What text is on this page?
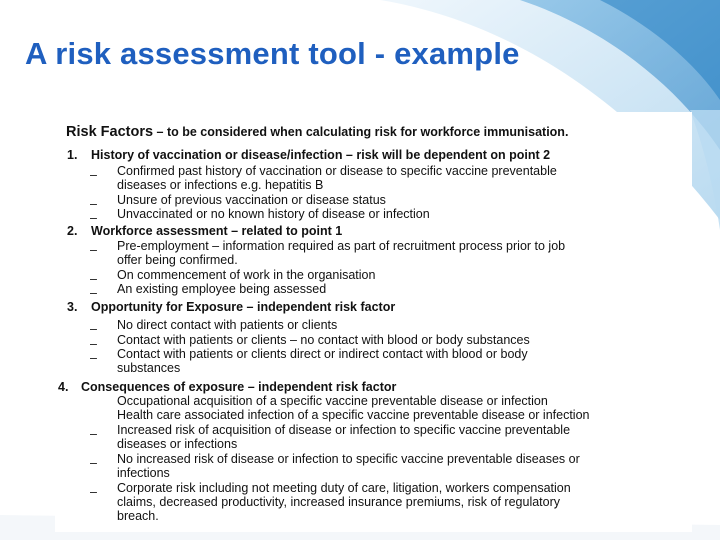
A risk assessment tool - example
Risk Factors – to be considered when calculating risk for workforce immunisation.
1. History of vaccination or disease/infection – risk will be dependent on point 2
– Confirmed past history of vaccination or disease to specific vaccine preventable
diseases or infections e.g. hepatitis B
– Unsure of previous vaccination or disease status
– Unvaccinated or no known history of disease or infection
2. Workforce assessment – related to point 1
– Pre-employment – information required as part of recruitment process prior to job
offer being confirmed.
– On commencement of work in the organisation
– An existing employee being assessed
3. Opportunity for Exposure – independent risk factor
– No direct contact with patients or clients
– Contact with patients or clients – no contact with blood or body substances
– Contact with patients or clients direct or indirect contact with blood or body
substances
4. Consequences of exposure – independent risk factor
Occupational acquisition of a specific vaccine preventable disease or infection
Health care associated infection of a specific vaccine preventable disease or infection
– Increased risk of acquisition of disease or infection to specific vaccine preventable
diseases or infections
– No increased risk of disease or infection to specific vaccine preventable diseases or
infections
– Corporate risk including not meeting duty of care, litigation, workers compensation
claims, decreased productivity, increased insurance premiums, risk of regulatory
breach.
